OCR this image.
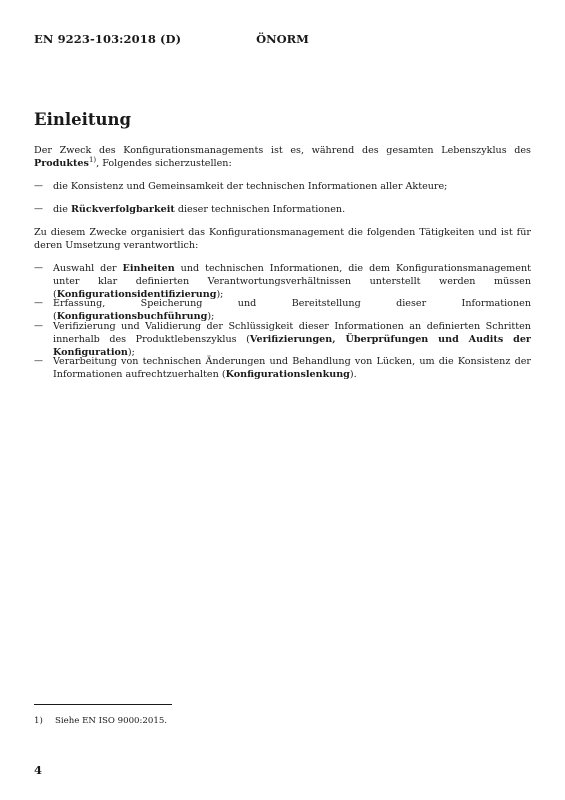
EN 9223-103:2018 (D)	ÖNORM
Einleitung

Der Zweck des Konfigurationsmanagements ist es, während des gesamten Lebenszyklus des Produktes$^{1)}$, Folgendes sicherzustellen:

— die Konsistenz und Gemeinsamkeit der technischen Informationen aller Akteure;
— die Rückverfolgbarkeit dieser technischen Informationen.

Zu diesem Zwecke organisiert das Konfigurationsmanagement die folgenden Tätigkeiten und ist für deren Umsetzung verantwortlich:

— Auswahl der Einheiten und technischen Informationen, die dem Konfigurationsmanagement unter klar definierten Verantwortungsverhältnissen unterstellt werden müssen (Konfigurationsidentifizierung);
— Erfassung, Speicherung und Bereitstellung dieser Informationen (Konfigurationsbuchführung);
— Verifizierung und Validierung der Schlüssigkeit dieser Informationen an definierten Schritten innerhalb des Produktlebenszyklus (Verifizierungen, Überprüfungen und Audits der Konfiguration);
— Verarbeitung von technischen Änderungen und Behandlung von Lücken, um die Konsistenz der Informationen aufrechtzuerhalten (Konfigurationslenkung).
1) Siehe EN ISO 9000:2015.
4
